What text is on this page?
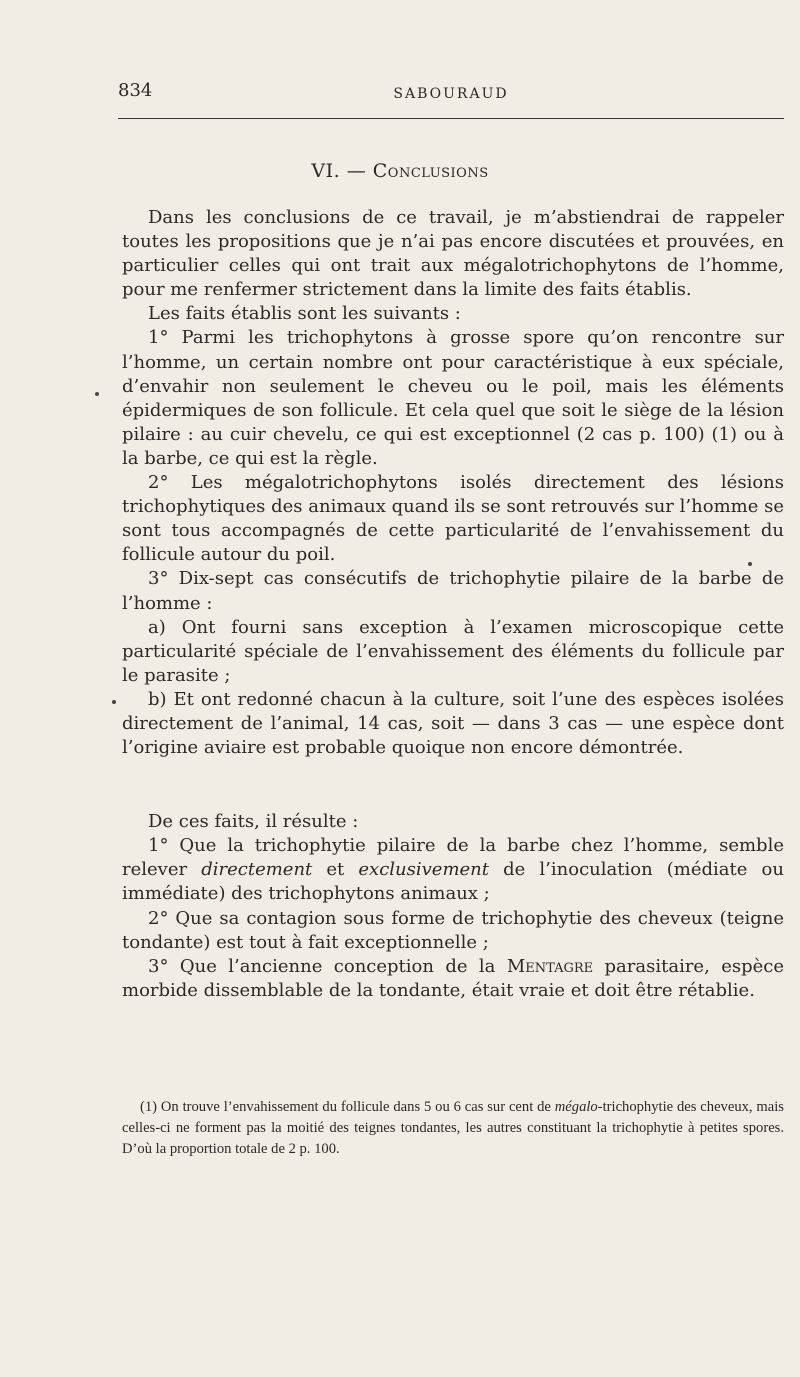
834	SABOURAUD
VI. — Conclusions

Dans les conclusions de ce travail, je m’abstiendrai de rappeler toutes les propositions que je n’ai pas encore discutées et prouvées, en particulier celles qui ont trait aux mégalotrichophytons de l’homme, pour me renfermer strictement dans la limite des faits établis.

Les faits établis sont les suivants :

1° Parmi les trichophytons à grosse spore qu’on rencontre sur l’homme, un certain nombre ont pour caractéristique à eux spéciale, d’envahir non seulement le cheveu ou le poil, mais les éléments épidermiques de son follicule. Et cela quel que soit le siège de la lésion pilaire : au cuir chevelu, ce qui est exceptionnel (2 cas p. 100) (1) ou à la barbe, ce qui est la règle.

2° Les mégalotrichophytons isolés directement des lésions trichophytiques des animaux quand ils se sont retrouvés sur l’homme se sont tous accompagnés de cette particularité de l’envahissement du follicule autour du poil.

3° Dix-sept cas consécutifs de trichophytie pilaire de la barbe de l’homme :

a) Ont fourni sans exception à l’examen microscopique cette particularité spéciale de l’envahissement des éléments du follicule par le parasite ;

b) Et ont redonné chacun à la culture, soit l’une des espèces isolées directement de l’animal, 14 cas, soit — dans 3 cas — une espèce dont l’origine aviaire est probable quoique non encore démontrée.

De ces faits, il résulte :

1° Que la trichophytie pilaire de la barbe chez l’homme, semble relever directement et exclusivement de l’inoculation (médiate ou immédiate) des trichophytons animaux ;

2° Que sa contagion sous forme de trichophytie des cheveux (teigne tondante) est tout à fait exceptionnelle ;

3° Que l’ancienne conception de la Mentagre parasitaire, espèce morbide dissemblable de la tondante, était vraie et doit être rétablie.

(1) On trouve l’envahissement du follicule dans 5 ou 6 cas sur cent de mégalo-trichophytie des cheveux, mais celles-ci ne forment pas la moitié des teignes tondantes, les autres constituant la trichophytie à petites spores. D’où la proportion totale de 2 p. 100.
